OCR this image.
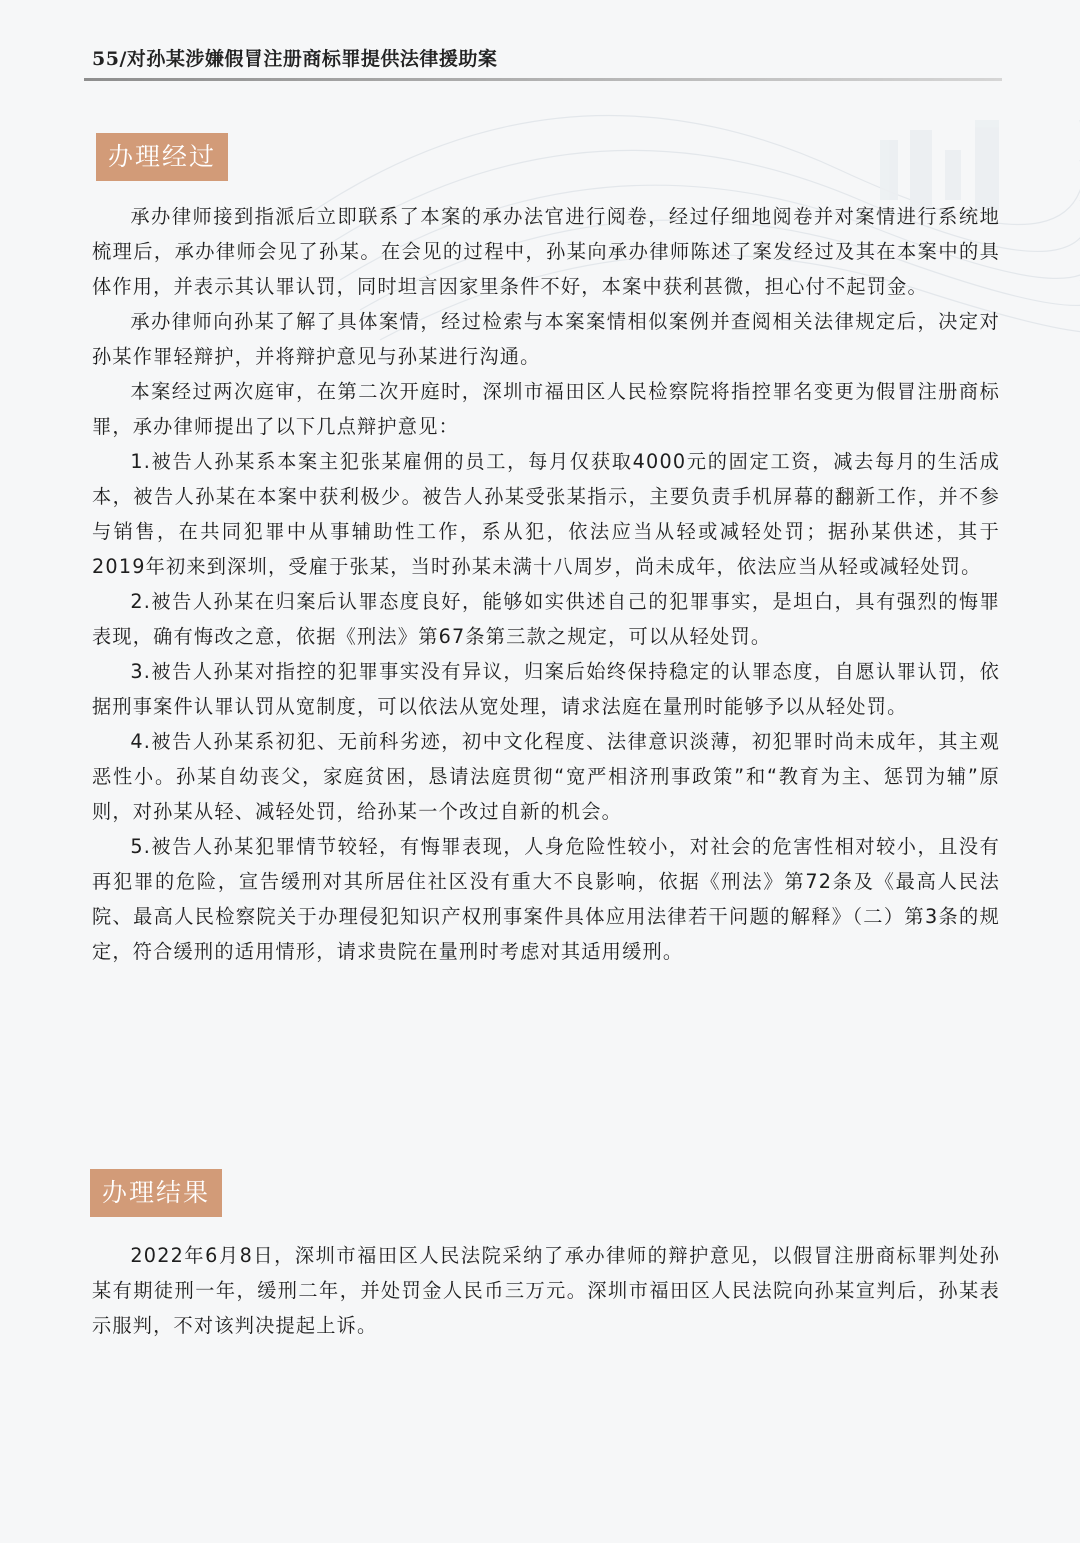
55/对孙某涉嫌假冒注册商标罪提供法律援助案
办理经过

承办律师接到指派后立即联系了本案的承办法官进行阅卷，经过仔细地阅卷并对案情进行系统地梳理后，承办律师会见了孙某。在会见的过程中，孙某向承办律师陈述了案发经过及其在本案中的具体作用，并表示其认罪认罚，同时坦言因家里条件不好，本案中获利甚微，担心付不起罚金。

承办律师向孙某了解了具体案情，经过检索与本案案情相似案例并查阅相关法律规定后，决定对孙某作罪轻辩护，并将辩护意见与孙某进行沟通。

本案经过两次庭审，在第二次开庭时，深圳市福田区人民检察院将指控罪名变更为假冒注册商标罪，承办律师提出了以下几点辩护意见：

1.被告人孙某系本案主犯张某雇佣的员工，每月仅获取4000元的固定工资，减去每月的生活成本，被告人孙某在本案中获利极少。被告人孙某受张某指示，主要负责手机屏幕的翻新工作，并不参与销售，在共同犯罪中从事辅助性工作，系从犯，依法应当从轻或减轻处罚；据孙某供述，其于2019年初来到深圳，受雇于张某，当时孙某未满十八周岁，尚未成年，依法应当从轻或减轻处罚。

2.被告人孙某在归案后认罪态度良好，能够如实供述自己的犯罪事实，是坦白，具有强烈的悔罪表现，确有悔改之意，依据《刑法》第67条第三款之规定，可以从轻处罚。

3.被告人孙某对指控的犯罪事实没有异议，归案后始终保持稳定的认罪态度，自愿认罪认罚，依据刑事案件认罪认罚从宽制度，可以依法从宽处理，请求法庭在量刑时能够予以从轻处罚。

4.被告人孙某系初犯、无前科劣迹，初中文化程度、法律意识淡薄，初犯罪时尚未成年，其主观恶性小。孙某自幼丧父，家庭贫困，恳请法庭贯彻“宽严相济刑事政策”和“教育为主、惩罚为辅”原则，对孙某从轻、减轻处罚，给孙某一个改过自新的机会。

5.被告人孙某犯罪情节较轻，有悔罪表现，人身危险性较小，对社会的危害性相对较小，且没有再犯罪的危险，宣告缓刑对其所居住社区没有重大不良影响，依据《刑法》第72条及《最高人民法院、最高人民检察院关于办理侵犯知识产权刑事案件具体应用法律若干问题的解释》（二）第3条的规定，符合缓刑的适用情形，请求贵院在量刑时考虑对其适用缓刑。

办理结果

2022年6月8日，深圳市福田区人民法院采纳了承办律师的辩护意见，以假冒注册商标罪判处孙某有期徒刑一年，缓刑二年，并处罚金人民币三万元。深圳市福田区人民法院向孙某宣判后，孙某表示服判，不对该判决提起上诉。
